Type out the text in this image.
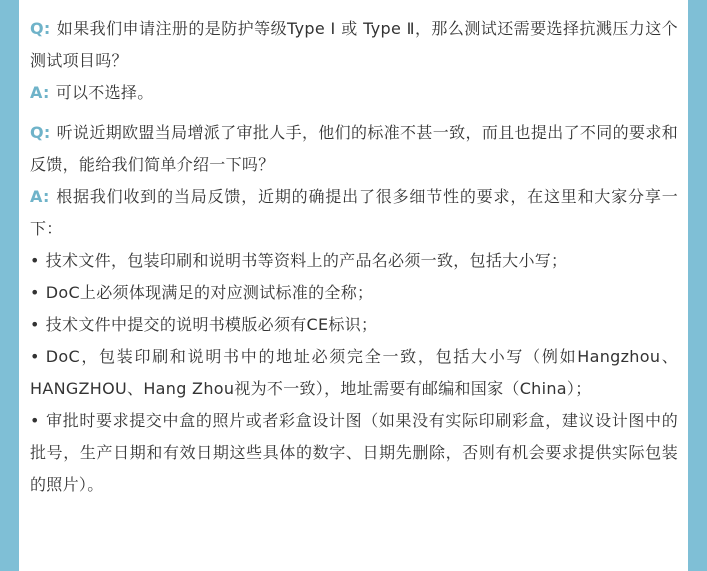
Q: 如果我们申请注册的是防护等级Type Ⅰ 或 Type Ⅱ，那么测试还需要选择抗溅压力这个测试项目吗？

A: 可以不选择。

Q: 听说近期欧盟当局增派了审批人手，他们的标准不甚一致，而且也提出了不同的要求和反馈，能给我们简单介绍一下吗？

A: 根据我们收到的当局反馈，近期的确提出了很多细节性的要求，在这里和大家分享一下：

• 技术文件，包装印刷和说明书等资料上的产品名必须一致，包括大小写；

• DoC上必须体现满足的对应测试标准的全称；

• 技术文件中提交的说明书模版必须有CE标识；

• DoC，包装印刷和说明书中的地址必须完全一致，包括大小写（例如Hangzhou、HANGZHOU、Hang Zhou视为不一致），地址需要有邮编和国家（China）；

• 审批时要求提交中盒的照片或者彩盒设计图（如果没有实际印刷彩盒，建议设计图中的批号，生产日期和有效日期这些具体的数字、日期先删除，否则有机会要求提供实际包装的照片）。
